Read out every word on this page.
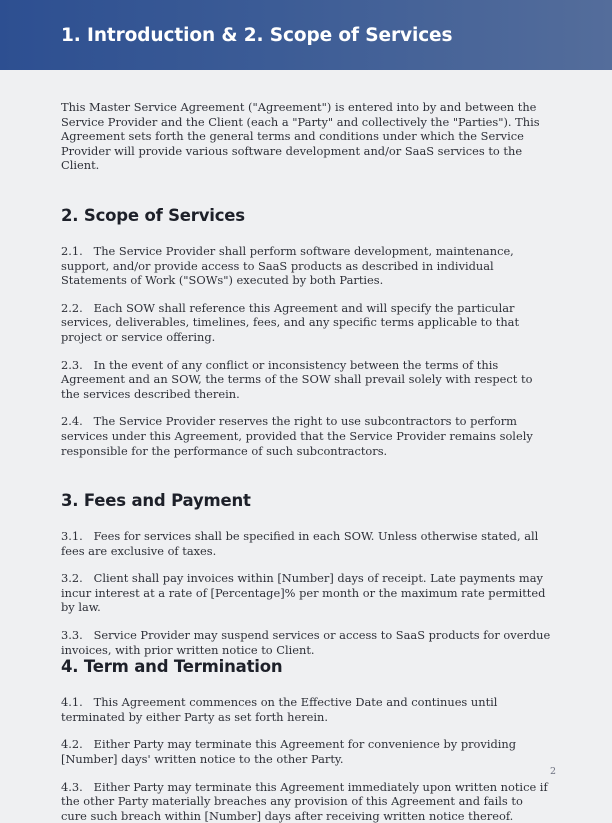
1. Introduction & 2. Scope of Services

This Master Service Agreement ("Agreement") is entered into by and between the Service Provider and the Client (each a "Party" and collectively the "Parties"). This Agreement sets forth the general terms and conditions under which the Service Provider will provide various software development and/or SaaS services to the Client.

2. Scope of Services

2.1. The Service Provider shall perform software development, maintenance, support, and/or provide access to SaaS products as described in individual Statements of Work ("SOWs") executed by both Parties.

2.2. Each SOW shall reference this Agreement and will specify the particular services, deliverables, timelines, fees, and any specific terms applicable to that project or service offering.

2.3. In the event of any conflict or inconsistency between the terms of this Agreement and an SOW, the terms of the SOW shall prevail solely with respect to the services described therein.

2.4. The Service Provider reserves the right to use subcontractors to perform services under this Agreement, provided that the Service Provider remains solely responsible for the performance of such subcontractors.

3. Fees and Payment

3.1. Fees for services shall be specified in each SOW. Unless otherwise stated, all fees are exclusive of taxes.

3.2. Client shall pay invoices within [Number] days of receipt. Late payments may incur interest at a rate of [Percentage]% per month or the maximum rate permitted by law.

3.3. Service Provider may suspend services or access to SaaS products for overdue invoices, with prior written notice to Client.

4. Term and Termination

4.1. This Agreement commences on the Effective Date and continues until terminated by either Party as set forth herein.

4.2. Either Party may terminate this Agreement for convenience by providing [Number] days' written notice to the other Party.

4.3. Either Party may terminate this Agreement immediately upon written notice if the other Party materially breaches any provision of this Agreement and fails to cure such breach within [Number] days after receiving written notice thereof.

2
